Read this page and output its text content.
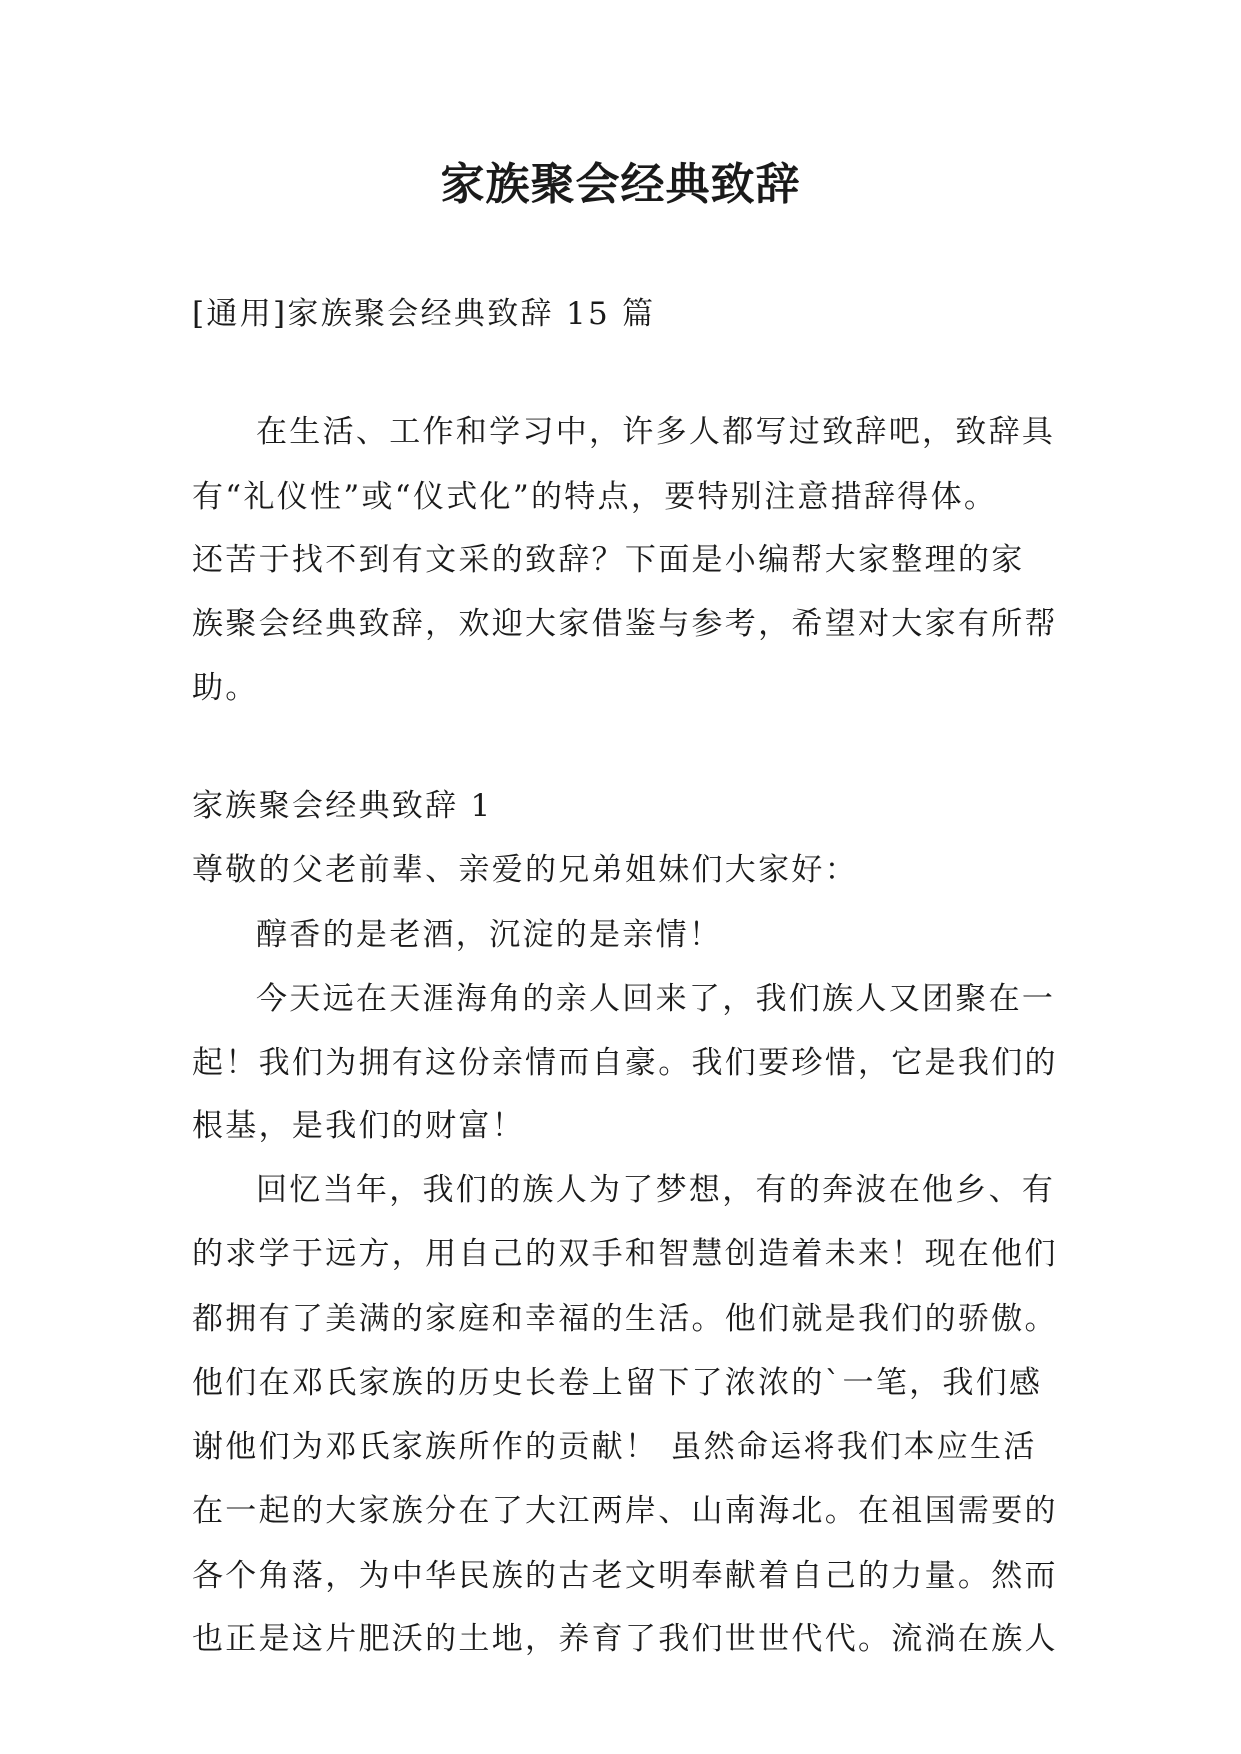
家族聚会经典致辞
[通用]家族聚会经典致辞 15 篇
在生活、工作和学习中，许多人都写过致辞吧，致辞具
有“礼仪性”或“仪式化”的特点，要特别注意措辞得体。
还苦于找不到有文采的致辞？下面是小编帮大家整理的家
族聚会经典致辞，欢迎大家借鉴与参考，希望对大家有所帮
助。
家族聚会经典致辞 1
尊敬的父老前辈、亲爱的兄弟姐妹们大家好：
醇香的是老酒，沉淀的是亲情！
今天远在天涯海角的亲人回来了，我们族人又团聚在一
起！我们为拥有这份亲情而自豪。我们要珍惜，它是我们的
根基，是我们的财富！
回忆当年，我们的族人为了梦想，有的奔波在他乡、有
的求学于远方，用自己的双手和智慧创造着未来！现在他们
都拥有了美满的家庭和幸福的生活。他们就是我们的骄傲。
他们在邓氏家族的历史长卷上留下了浓浓的`一笔，我们感
谢他们为邓氏家族所作的贡献！ 虽然命运将我们本应生活
在一起的大家族分在了大江两岸、山南海北。在祖国需要的
各个角落，为中华民族的古老文明奉献着自己的力量。然而
也正是这片肥沃的土地，养育了我们世世代代。流淌在族人
